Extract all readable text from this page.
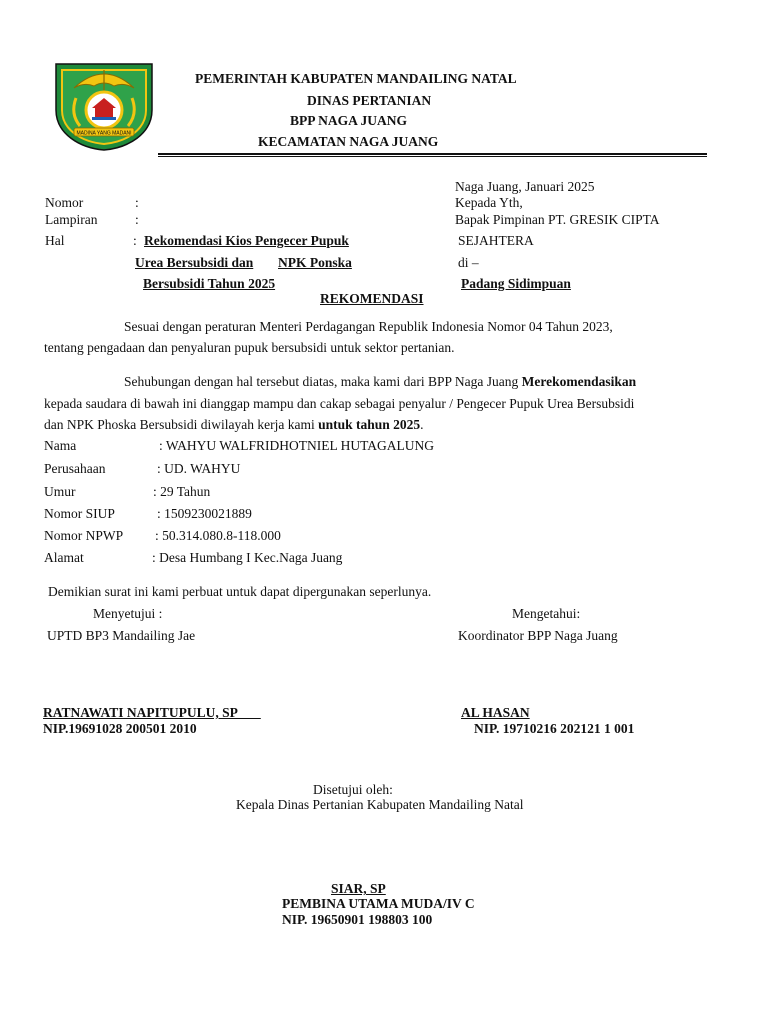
MADINA YANG MADANI
PEMERINTAH KABUPATEN MANDAILING NATAL
DINAS PERTANIAN
BPP NAGA JUANG
KECAMATAN NAGA JUANG
Naga Juang, Januari 2025
Kepada Yth,
Bapak Pimpinan PT. GRESIK CIPTA
SEJAHTERA
di –
Padang Sidimpuan
Nomor	:
Lampiran	:
Hal	: Rekomendasi Kios Pengecer Pupuk
Urea Bersubsidi dan NPK Ponska
Bersubsidi Tahun 2025
REKOMENDASI
Sesuai dengan peraturan Menteri Perdagangan Republik Indonesia Nomor 04 Tahun 2023,
tentang pengadaan dan penyaluran pupuk bersubsidi untuk sektor pertanian.
Sehubungan dengan hal tersebut diatas, maka kami dari BPP Naga Juang Merekomendasikan
kepada saudara di bawah ini dianggap mampu dan cakap sebagai penyalur / Pengecer Pupuk Urea Bersubsidi
dan NPK Phoska Bersubsidi diwilayah kerja kami untuk tahun 2025.
Nama	: WAHYU WALFRIDHOTNIEL HUTAGALUNG
Perusahaan	: UD. WAHYU
Umur	: 29 Tahun
Nomor SIUP	: 1509230021889
Nomor NPWP : 50.314.080.8-118.000
Alamat	: Desa Humbang I Kec.Naga Juang
Demikian surat ini kami perbuat untuk dapat dipergunakan seperlunya.
Menyetujui :
UPTD BP3 Mandailing Jae
Mengetahui:
Koordinator BPP Naga Juang
RATNAWATI NAPITUPULU, SP
NIP.19691028 200501 2010
AL HASAN
NIP. 19710216 202121 1 001
Disetujui oleh:
Kepala Dinas Pertanian Kabupaten Mandailing Natal
SIAR, SP
PEMBINA UTAMA MUDA/IV C
NIP. 19650901 198803 100
